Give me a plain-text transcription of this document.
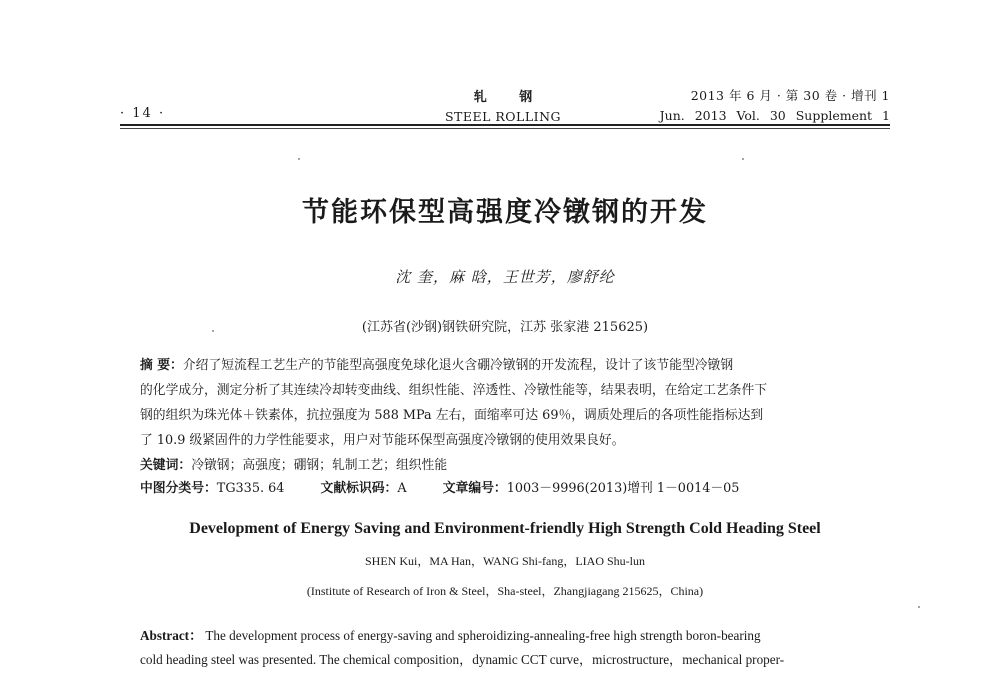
· 14 ·
轧 钢
STEEL ROLLING
2013 年 6 月 · 第 30 卷 · 增刊 1
Jun. 2013 Vol. 30 Supplement 1
节能环保型高强度冷镦钢的开发
沈 奎，麻 晗，王世芳，廖舒纶
(江苏省(沙钢)钢铁研究院，江苏 张家港 215625)
摘 要：介绍了短流程工艺生产的节能型高强度免球化退火含硼冷镦钢的开发流程，设计了该节能型冷镦钢
的化学成分，测定分析了其连续冷却转变曲线、组织性能、淬透性、冷镦性能等，结果表明，在给定工艺条件下
钢的组织为珠光体＋铁素体，抗拉强度为 588 MPa 左右，面缩率可达 69％，调质处理后的各项性能指标达到
了 10.9 级紧固件的力学性能要求，用户对节能环保型高强度冷镦钢的使用效果良好。
关键词：冷镦钢；高强度；硼钢；轧制工艺；组织性能
中图分类号：TG335. 64	文献标识码：A	文章编号：1003－9996(2013)增刊 1－0014－05
Development of Energy Saving and Environment-friendly High Strength Cold Heading Steel
SHEN Kui，MA Han，WANG Shi-fang，LIAO Shu-lun
(Institute of Research of Iron & Steel，Sha-steel，Zhangjiagang 215625，China)
Abstract： The development process of energy-saving and spheroidizing-annealing-free high strength boron-bearing
cold heading steel was presented. The chemical composition，dynamic CCT curve，microstructure，mechanical proper-
